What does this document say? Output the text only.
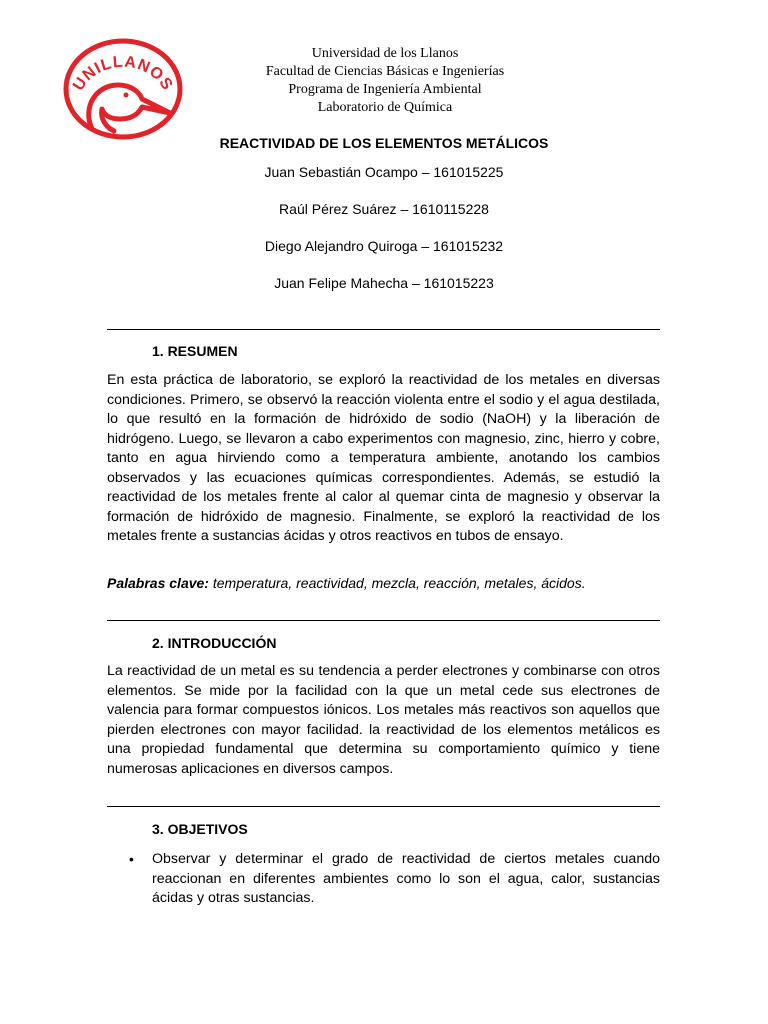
UNILLANOS
Universidad de los Llanos
Facultad de Ciencias Básicas e Ingenierías
Programa de Ingeniería Ambiental
Laboratorio de Química
REACTIVIDAD DE LOS ELEMENTOS METÁLICOS
Juan Sebastián Ocampo – 161015225
Raúl Pérez Suárez – 1610115228
Diego Alejandro Quiroga – 161015232
Juan Felipe Mahecha – 161015223
1. RESUMEN
En esta práctica de laboratorio, se exploró la reactividad de los metales en diversas condiciones. Primero, se observó la reacción violenta entre el sodio y el agua destilada, lo que resultó en la formación de hidróxido de sodio (NaOH) y la liberación de hidrógeno. Luego, se llevaron a cabo experimentos con magnesio, zinc, hierro y cobre, tanto en agua hirviendo como a temperatura ambiente, anotando los cambios observados y las ecuaciones químicas correspondientes. Además, se estudió la reactividad de los metales frente al calor al quemar cinta de magnesio y observar la formación de hidróxido de magnesio. Finalmente, se exploró la reactividad de los metales frente a sustancias ácidas y otros reactivos en tubos de ensayo.
Palabras clave: temperatura, reactividad, mezcla, reacción, metales, ácidos.
2. INTRODUCCIÓN
La reactividad de un metal es su tendencia a perder electrones y combinarse con otros elementos. Se mide por la facilidad con la que un metal cede sus electrones de valencia para formar compuestos iónicos. Los metales más reactivos son aquellos que pierden electrones con mayor facilidad. la reactividad de los elementos metálicos es una propiedad fundamental que determina su comportamiento químico y tiene numerosas aplicaciones en diversos campos.
3. OBJETIVOS
• Observar y determinar el grado de reactividad de ciertos metales cuando reaccionan en diferentes ambientes como lo son el agua, calor, sustancias ácidas y otras sustancias.
